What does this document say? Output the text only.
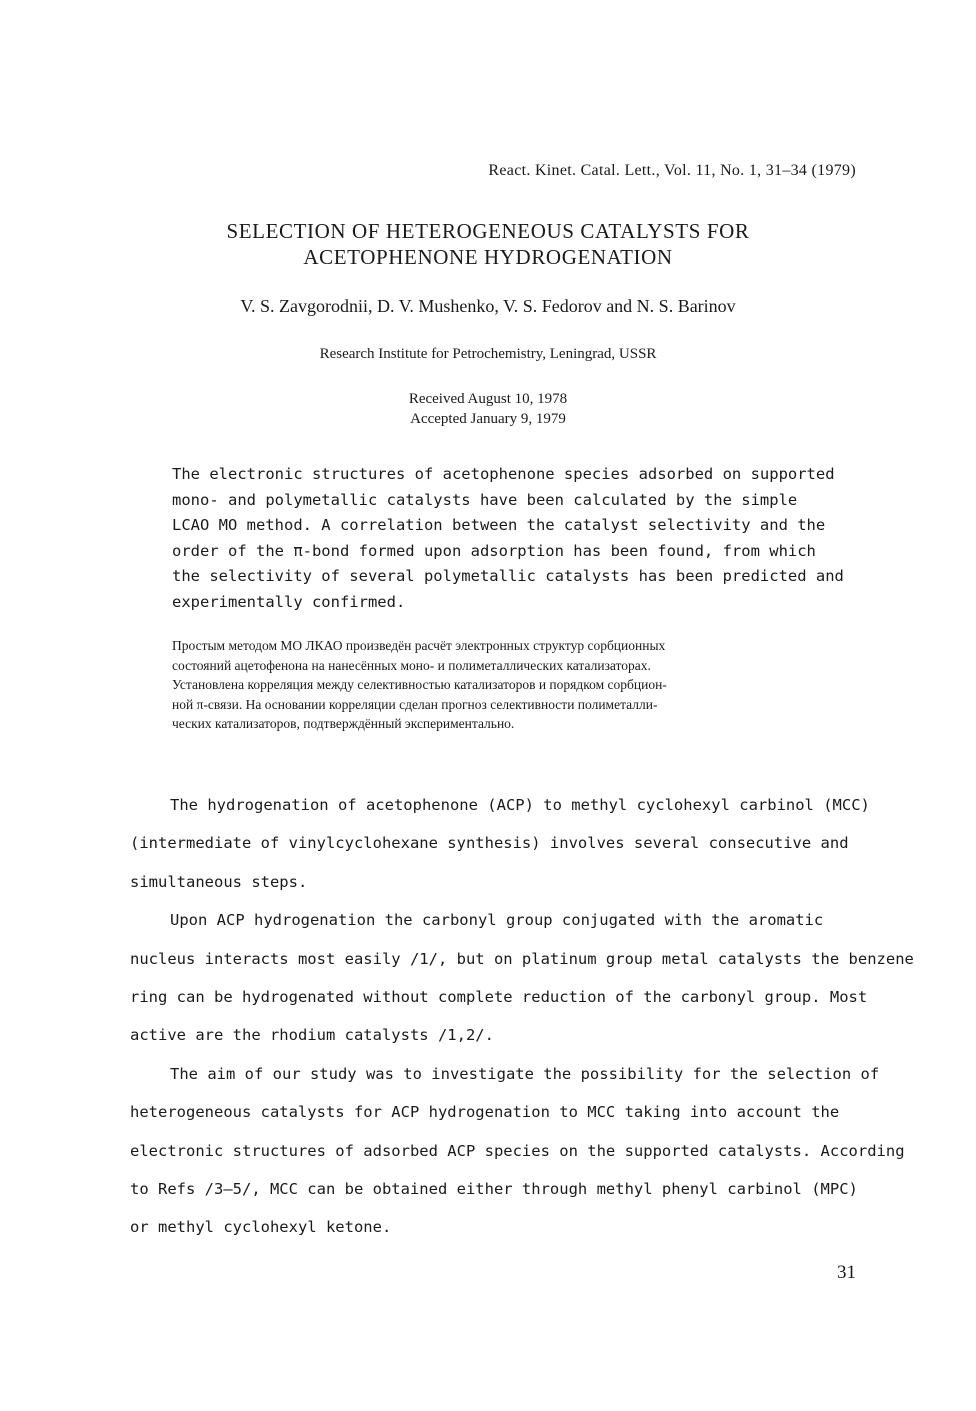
React. Kinet. Catal. Lett., Vol. 11, No. 1, 31–34 (1979)
SELECTION OF HETEROGENEOUS CATALYSTS FOR
ACETOPHENONE HYDROGENATION
V. S. Zavgorodnii, D. V. Mushenko, V. S. Fedorov and N. S. Barinov
Research Institute for Petrochemistry, Leningrad, USSR
Received August 10, 1978
Accepted January 9, 1979
The electronic structures of acetophenone species adsorbed on supported
mono- and polymetallic catalysts have been calculated by the simple
LCAO MO method. A correlation between the catalyst selectivity and the
order of the π-bond formed upon adsorption has been found, from which
the selectivity of several polymetallic catalysts has been predicted and
experimentally confirmed.
Простым методом МО ЛКАО произведён расчёт электронных структур сорбционных
состояний ацетофенона на нанесённых моно- и полиметаллических катализаторах.
Установлена корреляция между селективностью катализаторов и порядком сорбцион-
ной π-связи. На основании корреляции сделан прогноз селективности полиметалли-
ческих катализаторов, подтверждённый экспериментально.
The hydrogenation of acetophenone (ACP) to methyl cyclohexyl carbinol (MCC)
(intermediate of vinylcyclohexane synthesis) involves several consecutive and
simultaneous steps.
Upon ACP hydrogenation the carbonyl group conjugated with the aromatic
nucleus interacts most easily /1/, but on platinum group metal catalysts the benzene
ring can be hydrogenated without complete reduction of the carbonyl group. Most
active are the rhodium catalysts /1,2/.
The aim of our study was to investigate the possibility for the selection of
heterogeneous catalysts for ACP hydrogenation to MCC taking into account the
electronic structures of adsorbed ACP species on the supported catalysts. According
to Refs /3–5/, MCC can be obtained either through methyl phenyl carbinol (MPC)
or methyl cyclohexyl ketone.
31
